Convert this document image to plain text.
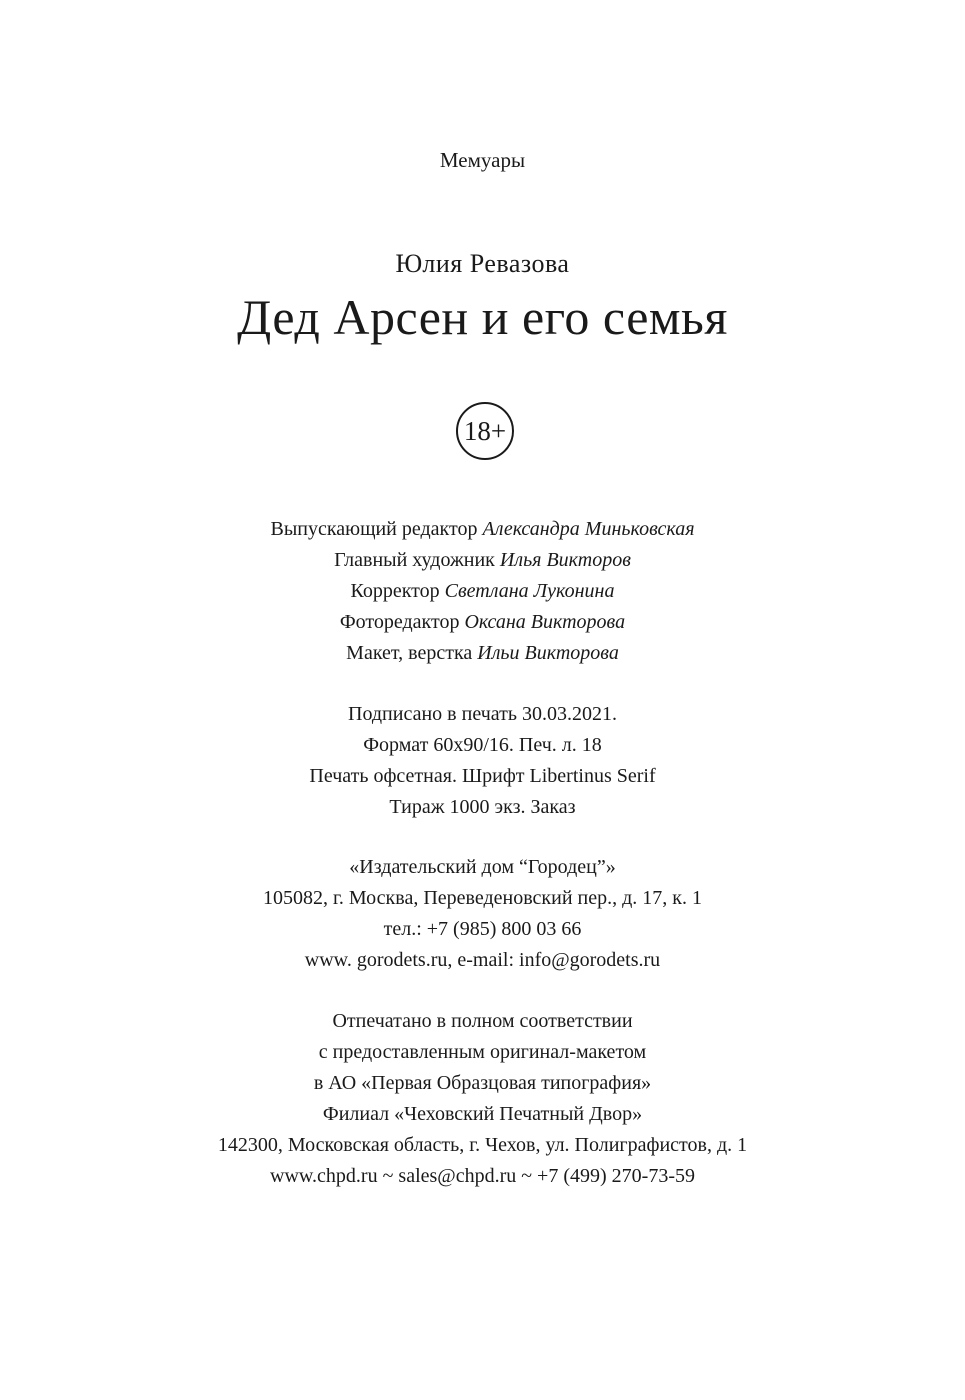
Мемуары
Юлия Ревазова
Дед Арсен и его семья
18+
Выпускающий редактор Александра Миньковская
Главный художник Илья Викторов
Корректор Светлана Луконина
Фоторедактор Оксана Викторова
Макет, верстка Ильи Викторова
Подписано в печать 30.03.2021.
Формат 60х90/16. Печ. л. 18
Печать офсетная. Шрифт Libertinus Serif
Тираж 1000 экз. Заказ
«Издательский дом “Городец”»
105082, г. Москва, Переведеновский пер., д. 17, к. 1
тел.: +7 (985) 800 03 66
www. gorodets.ru, e-mail: info@gorodets.ru
Отпечатано в полном соответствии
с предоставленным оригинал-макетом
в АО «Первая Образцовая типография»
Филиал «Чеховский Печатный Двор»
142300, Московская область, г. Чехов, ул. Полиграфистов, д. 1
www.chpd.ru ~ sales@chpd.ru ~ +7 (499) 270-73-59
